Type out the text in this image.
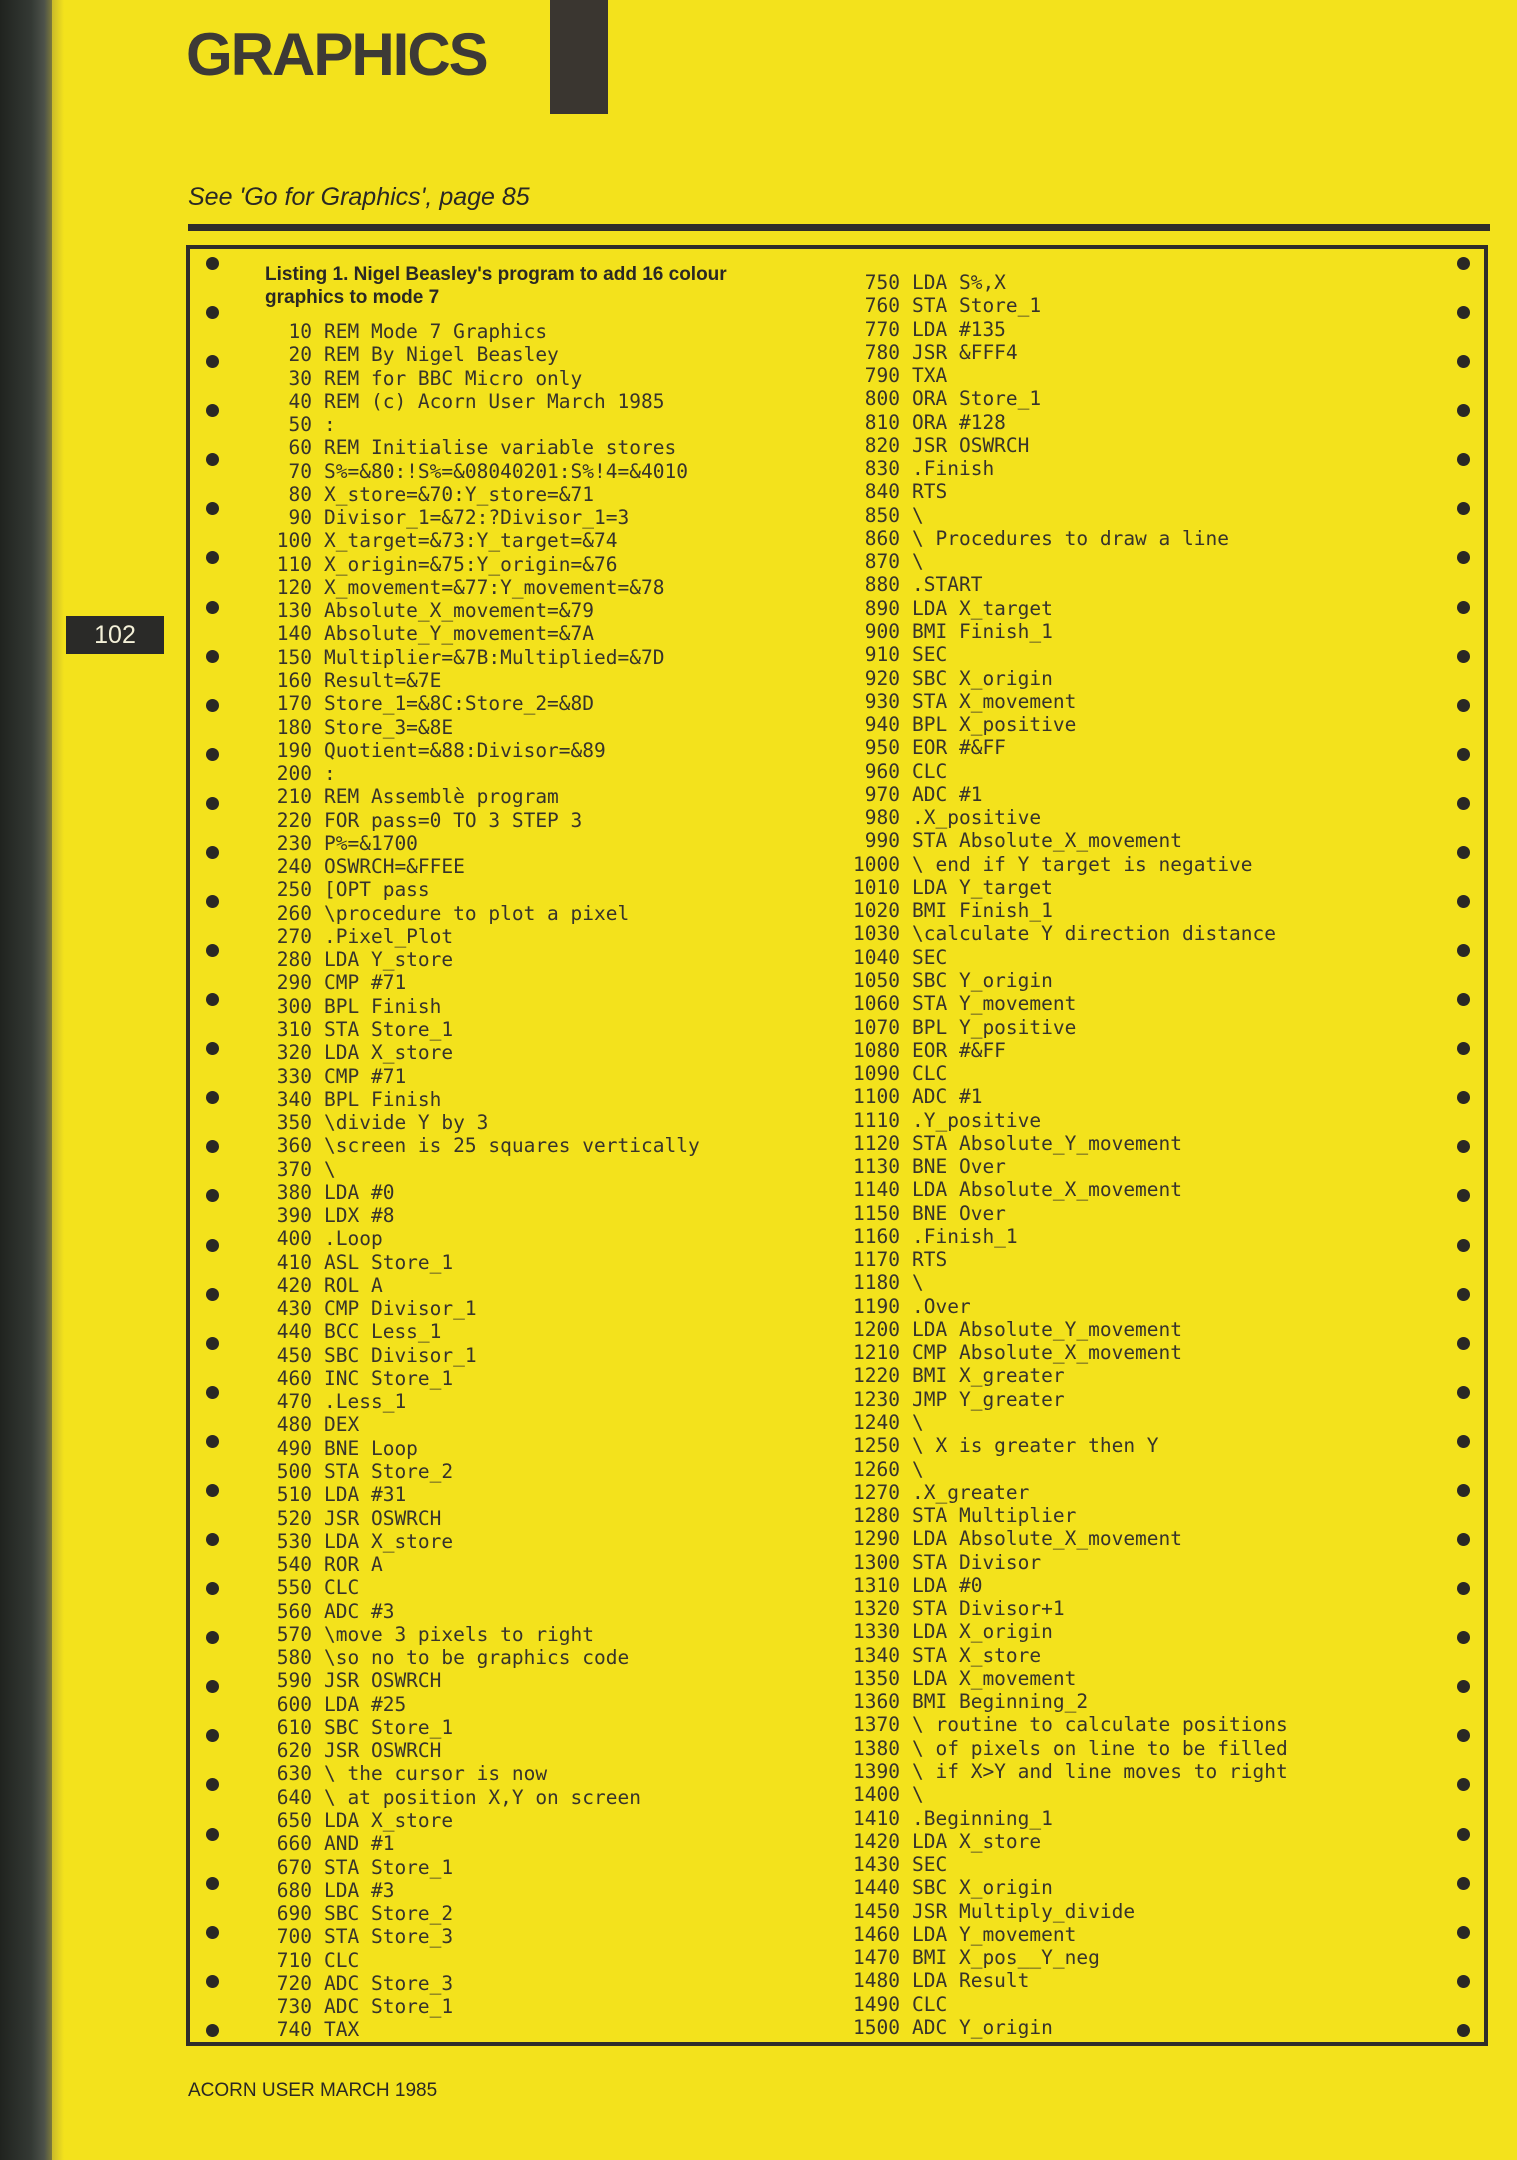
GRAPHICS

See 'Go for Graphics', page 85

102

Listing 1. Nigel Beasley's program to add 16 colour graphics to mode 7

10 REM Mode 7 Graphics
20 REM By Nigel Beasley
30 REM for BBC Micro only
40 REM (c) Acorn User March 1985
50 :
60 REM Initialise variable stores
70 S%=&80:!S%=&08040201:S%!4=&4010
80 X_store=&70:Y_store=&71
90 Divisor_1=&72:?Divisor_1=3
100 X_target=&73:Y_target=&74
110 X_origin=&75:Y_origin=&76
120 X_movement=&77:Y_movement=&78
130 Absolute_X_movement=&79
140 Absolute_Y_movement=&7A
150 Multiplier=&7B:Multiplied=&7D
160 Result=&7E
170 Store_1=&8C:Store_2=&8D
180 Store_3=&8E
190 Quotient=&88:Divisor=&89
200 :
210 REM Assemblè program
220 FOR pass=0 TO 3 STEP 3
230 P%=&1700
240 OSWRCH=&FFEE
250 [OPT pass
260 \procedure to plot a pixel
270 .Pixel_Plot
280 LDA Y_store
290 CMP #71
300 BPL Finish
310 STA Store_1
320 LDA X_store
330 CMP #71
340 BPL Finish
350 \divide Y by 3
360 \screen is 25 squares vertically
370 \
380 LDA #0
390 LDX #8
400 .Loop
410 ASL Store_1
420 ROL A
430 CMP Divisor_1
440 BCC Less_1
450 SBC Divisor_1
460 INC Store_1
470 .Less_1
480 DEX
490 BNE Loop
500 STA Store_2
510 LDA #31
520 JSR OSWRCH
530 LDA X_store
540 ROR A
550 CLC
560 ADC #3
570 \move 3 pixels to right
580 \so no to be graphics code
590 JSR OSWRCH
600 LDA #25
610 SBC Store_1
620 JSR OSWRCH
630 \ the cursor is now
640 \ at position X,Y on screen
650 LDA X_store
660 AND #1
670 STA Store_1
680 LDA #3
690 SBC Store_2
700 STA Store_3
710 CLC
720 ADC Store_3
730 ADC Store_1
740 TAX
750 LDA S%,X
760 STA Store_1
770 LDA #135
780 JSR &FFF4
790 TXA
800 ORA Store_1
810 ORA #128
820 JSR OSWRCH
830 .Finish
840 RTS
850 \
860 \ Procedures to draw a line
870 \
880 .START
890 LDA X_target
900 BMI Finish_1
910 SEC
920 SBC X_origin
930 STA X_movement
940 BPL X_positive
950 EOR #&FF
960 CLC
970 ADC #1
980 .X_positive
990 STA Absolute_X_movement
1000 \ end if Y target is negative
1010 LDA Y_target
1020 BMI Finish_1
1030 \calculate Y direction distance
1040 SEC
1050 SBC Y_origin
1060 STA Y_movement
1070 BPL Y_positive
1080 EOR #&FF
1090 CLC
1100 ADC #1
1110 .Y_positive
1120 STA Absolute_Y_movement
1130 BNE Over
1140 LDA Absolute_X_movement
1150 BNE Over
1160 .Finish_1
1170 RTS
1180 \
1190 .Over
1200 LDA Absolute_Y_movement
1210 CMP Absolute_X_movement
1220 BMI X_greater
1230 JMP Y_greater
1240 \
1250 \ X is greater then Y
1260 \
1270 .X_greater
1280 STA Multiplier
1290 LDA Absolute_X_movement
1300 STA Divisor
1310 LDA #0
1320 STA Divisor+1
1330 LDA X_origin
1340 STA X_store
1350 LDA X_movement
1360 BMI Beginning_2
1370 \ routine to calculate positions
1380 \ of pixels on line to be filled
1390 \ if X>Y and line moves to right
1400 \
1410 .Beginning_1
1420 LDA X_store
1430 SEC
1440 SBC X_origin
1450 JSR Multiply_divide
1460 LDA Y_movement
1470 BMI X_pos__Y_neg
1480 LDA Result
1490 CLC
1500 ADC Y_origin

ACORN USER MARCH 1985
